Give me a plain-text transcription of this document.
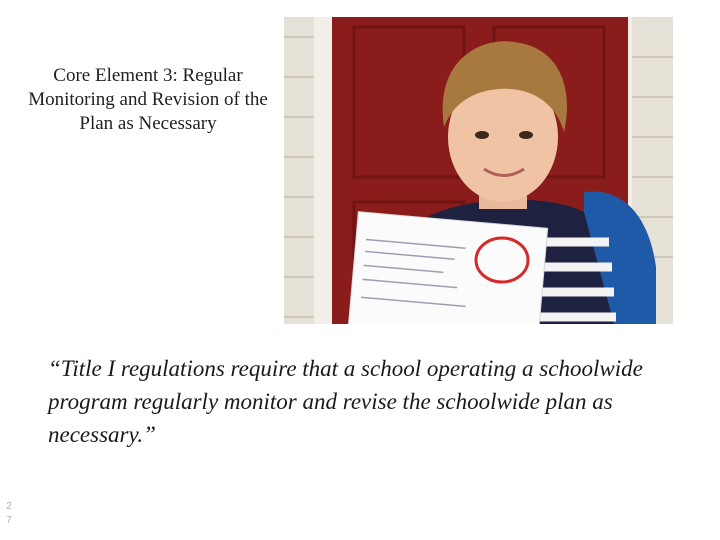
Core Element 3: Regular Monitoring and Revision of the Plan as Necessary
“Title I regulations require that a school operating a schoolwide program regularly monitor and revise the schoolwide plan as necessary.”
2
7
